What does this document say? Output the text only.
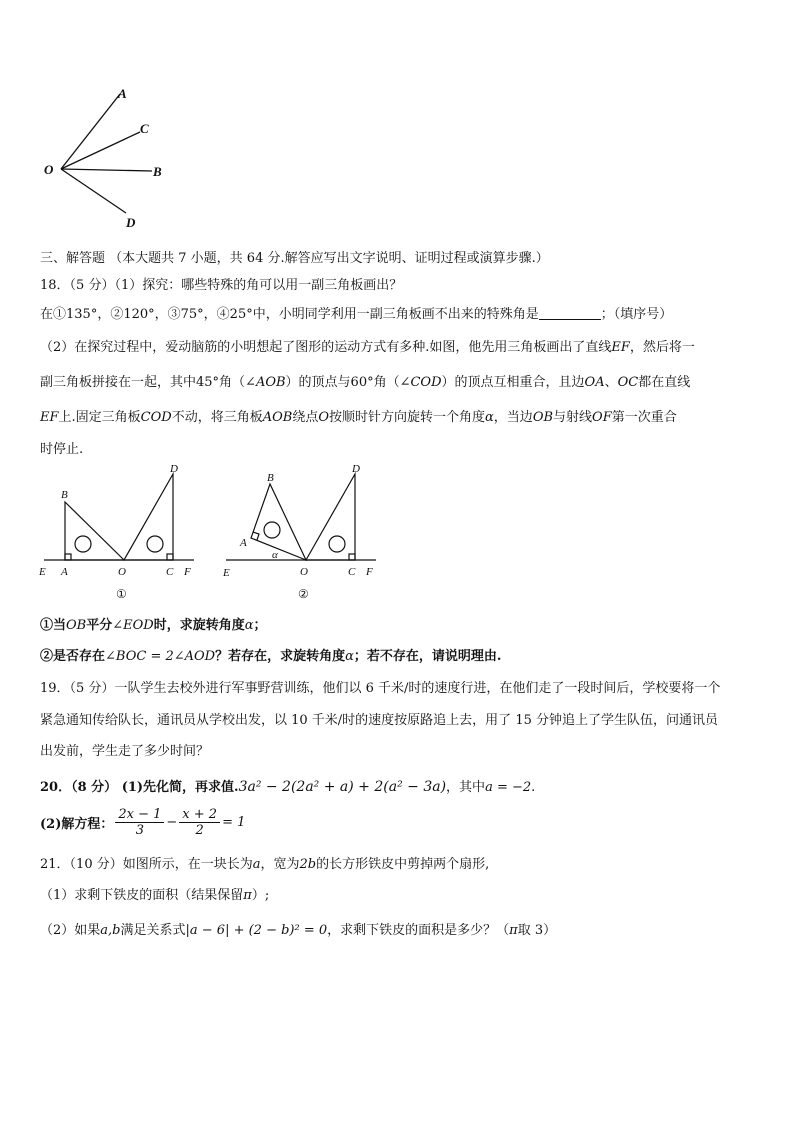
A
C
O	B
D
三、解答题 （本大题共 7 小题，共 64 分.解答应写出文字说明、证明过程或演算步骤.）
18．（5 分）（1）探究：哪些特殊的角可以用一副三角板画出？
在①135°，②120°，③75°，④25°中，小明同学利用一副三角板画不出来的特殊角是	；（填序号）
（2）在探究过程中，爱动脑筋的小明想起了图形的运动方式有多种.如图，他先用三角板画出了直线EF，然后将一
副三角板拼接在一起，其中45°角（∠AOB）的顶点与60°角（∠COD）的顶点互相重合，且边OA、OC都在直线
EF上.固定三角板COD不动，将三角板AOB绕点O按顺时针方向旋转一个角度α，当边OB与射线OF第一次重合
时停止.
B
D
E A	O	C F
①
B
D
A
α
E	O	C F
②
①当OB平分∠EOD时，求旋转角度α；
②是否存在∠BOC = 2∠AOD？若存在，求旋转角度α；若不存在，请说明理由.
19．（5 分）一队学生去校外进行军事野营训练，他们以 6 千米/时的速度行进，在他们走了一段时间后，学校要将一个
紧急通知传给队长，通讯员从学校出发，以 10 千米/时的速度按原路追上去，用了 15 分钟追上了学生队伍，问通讯员
出发前，学生走了多少时间？
20．（8 分） (1)先化简，再求值.3a² − 2(2a² + a) + 2(a² − 3a)，其中a = −2.
(2)解方程： $\frac{2x - 1}{3} - \frac{x + 2}{2} = 1$
21．（10 分）如图所示，在一块长为a，宽为2b的长方形铁皮中剪掉两个扇形,
（1）求剩下铁皮的面积（结果保留π）;
（2）如果a,b满足关系式|a − 6| + (2 − b)² = 0，求剩下铁皮的面积是多少？（π取 3）
